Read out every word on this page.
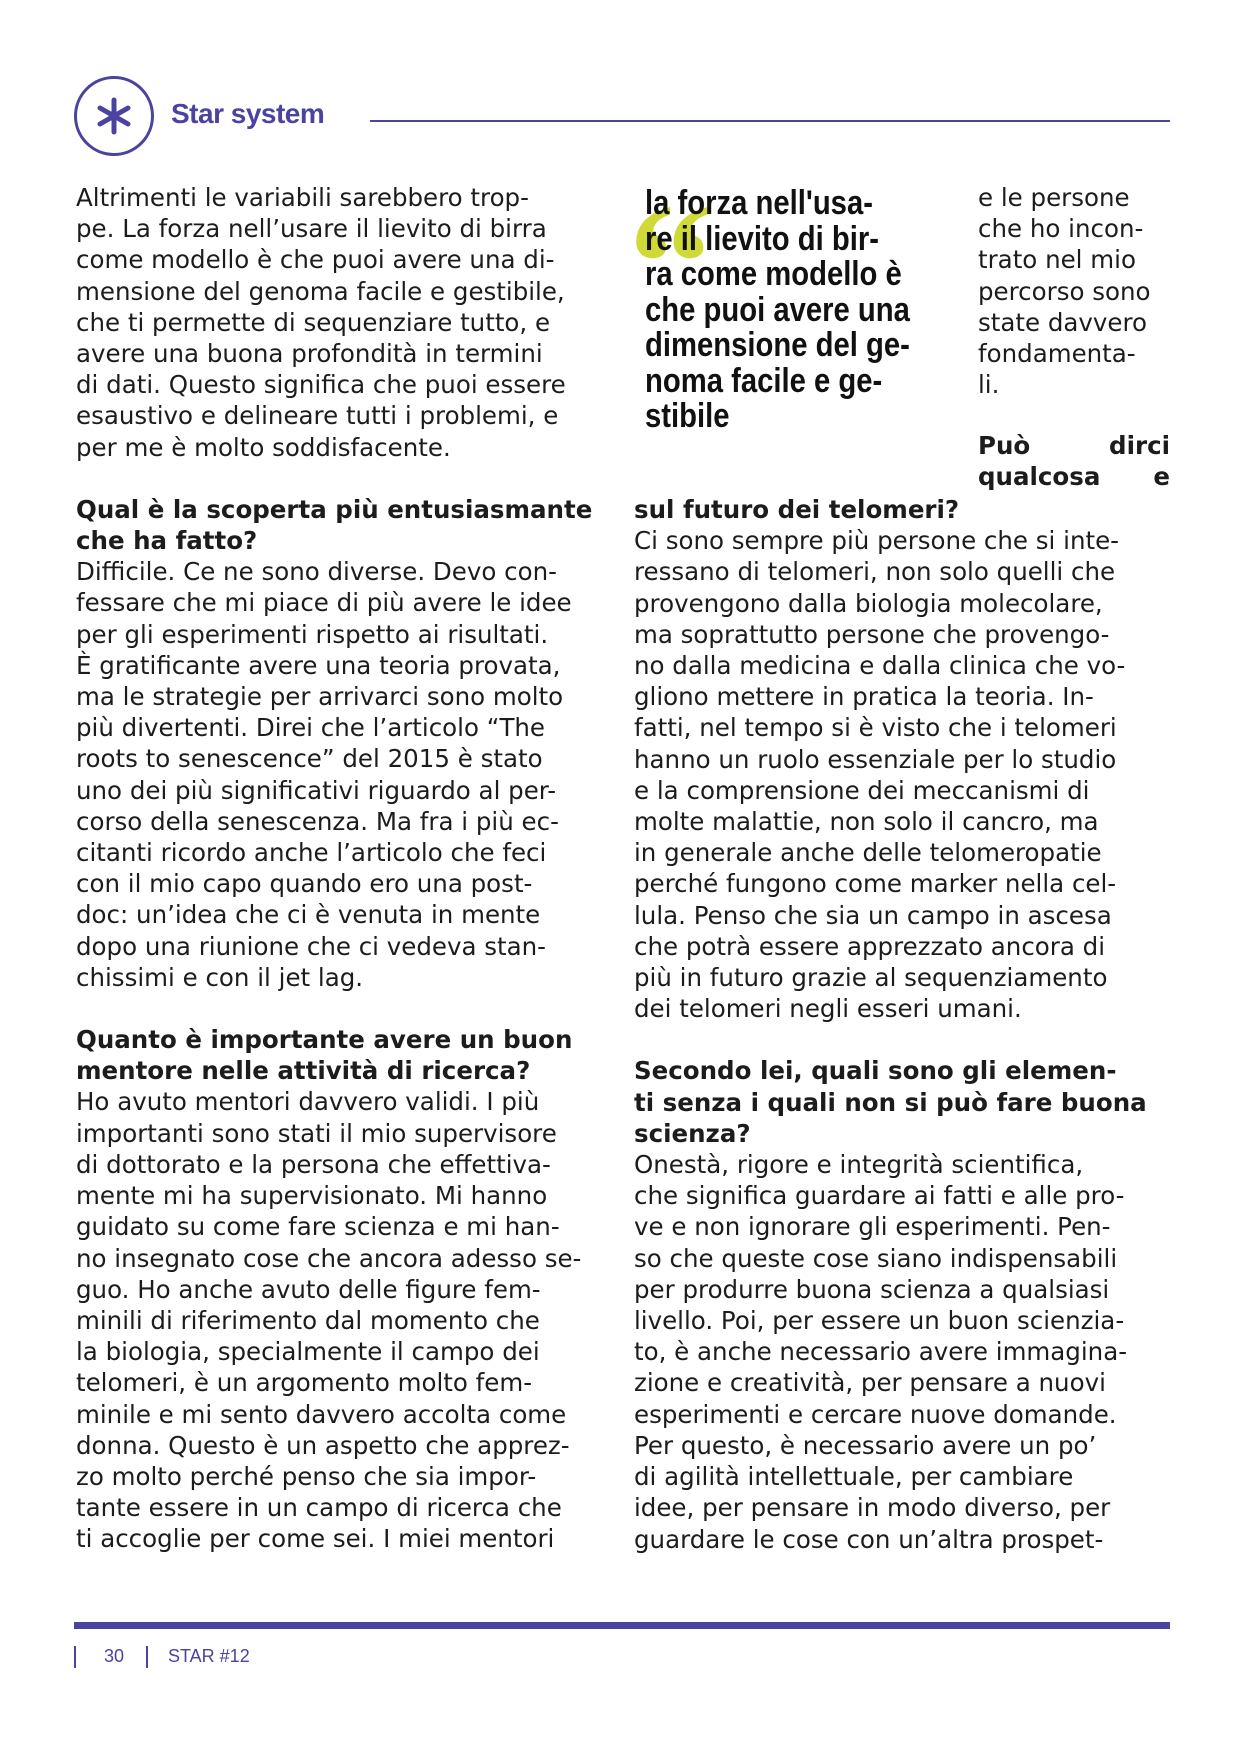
Star system

Altrimenti le variabili sarebbero trop-
pe. La forza nell’usare il lievito di birra
come modello è che puoi avere una di-
mensione del genoma facile e gestibile,
che ti permette di sequenziare tutto, e
avere una buona profondità in termini
di dati. Questo significa che puoi essere
esaustivo e delineare tutti i problemi, e
per me è molto soddisfacente.

Qual è la scoperta più entusiasmante
che ha fatto?

Difficile. Ce ne sono diverse. Devo con-
fessare che mi piace di più avere le idee
per gli esperimenti rispetto ai risultati.
È gratificante avere una teoria provata,
ma le strategie per arrivarci sono molto
più divertenti. Direi che l’articolo “The
roots to senescence” del 2015 è stato
uno dei più significativi riguardo al per-
corso della senescenza. Ma fra i più ec-
citanti ricordo anche l’articolo che feci
con il mio capo quando ero una post-
doc: un’idea che ci è venuta in mente
dopo una riunione che ci vedeva stan-
chissimi e con il jet lag.

Quanto è importante avere un buon
mentore nelle attività di ricerca?

Ho avuto mentori davvero validi. I più
importanti sono stati il mio supervisore
di dottorato e la persona che effettiva-
mente mi ha supervisionato. Mi hanno
guidato su come fare scienza e mi han-
no insegnato cose che ancora adesso se-
guo. Ho anche avuto delle figure fem-
minili di riferimento dal momento che
la biologia, specialmente il campo dei
telomeri, è un argomento molto fem-
minile e mi sento davvero accolta come
donna. Questo è un aspetto che apprez-
zo molto perché penso che sia impor-
tante essere in un campo di ricerca che
ti accoglie per come sei. I miei mentori

“
la forza nell'usa-
re il lievito di bir-
ra come modello è
che puoi avere una
dimensione del ge-
noma facile e ge-
stibile

e le persone
che ho incon-
trato nel mio
percorso sono
state davvero
fondamenta-
li.

Può dirci
qualcosa e

sul futuro dei telomeri?

Ci sono sempre più persone che si inte-
ressano di telomeri, non solo quelli che
provengono dalla biologia molecolare,
ma soprattutto persone che provengo-
no dalla medicina e dalla clinica che vo-
gliono mettere in pratica la teoria. In-
fatti, nel tempo si è visto che i telomeri
hanno un ruolo essenziale per lo studio
e la comprensione dei meccanismi di
molte malattie, non solo il cancro, ma
in generale anche delle telomeropatie
perché fungono come marker nella cel-
lula. Penso che sia un campo in ascesa
che potrà essere apprezzato ancora di
più in futuro grazie al sequenziamento
dei telomeri negli esseri umani.

Secondo lei, quali sono gli elemen-
ti senza i quali non si può fare buona
scienza?

Onestà, rigore e integrità scientifica,
che significa guardare ai fatti e alle pro-
ve e non ignorare gli esperimenti. Pen-
so che queste cose siano indispensabili
per produrre buona scienza a qualsiasi
livello. Poi, per essere un buon scienzia-
to, è anche necessario avere immagina-
zione e creatività, per pensare a nuovi
esperimenti e cercare nuove domande.
Per questo, è necessario avere un po’
di agilità intellettuale, per cambiare
idee, per pensare in modo diverso, per
guardare le cose con un’altra prospet-

30 STAR #12
